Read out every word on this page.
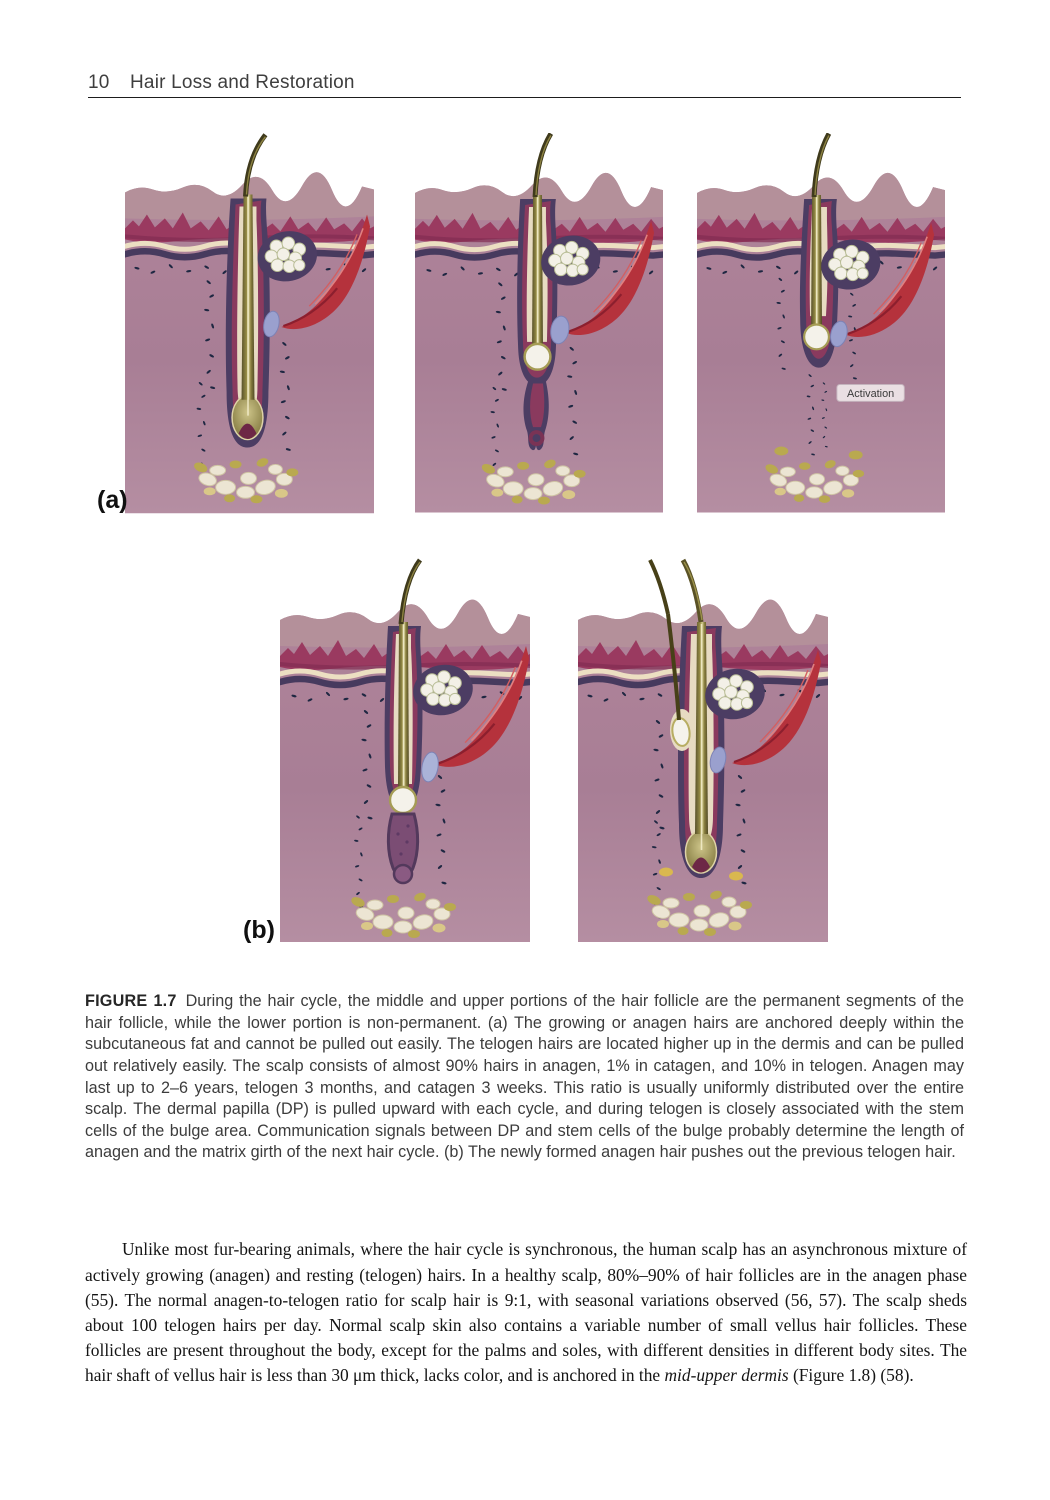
10	Hair Loss and Restoration
Activation
(a)
(b)

FIGURE 1.7 During the hair cycle, the middle and upper portions of the hair follicle are the permanent segments of the hair follicle, while the lower portion is non-permanent. (a) The growing or anagen hairs are anchored deeply within the subcutaneous fat and cannot be pulled out easily. The telogen hairs are located higher up in the dermis and can be pulled out relatively easily. The scalp consists of almost 90% hairs in anagen, 1% in catagen, and 10% in telogen. Anagen may last up to 2–6 years, telogen 3 months, and catagen 3 weeks. This ratio is usually uniformly distributed over the entire scalp. The dermal papilla (DP) is pulled upward with each cycle, and during telogen is closely associated with the stem cells of the bulge area. Communication signals between DP and stem cells of the bulge probably determine the length of anagen and the matrix girth of the next hair cycle. (b) The newly formed anagen hair pushes out the previous telogen hair.

Unlike most fur-bearing animals, where the hair cycle is synchronous, the human scalp has an asynchronous mixture of actively growing (anagen) and resting (telogen) hairs. In a healthy scalp, 80%–90% of hair follicles are in the anagen phase (55). The normal anagen-to-telogen ratio for scalp hair is 9:1, with seasonal variations observed (56, 57). The scalp sheds about 100 telogen hairs per day. Normal scalp skin also contains a variable number of small vellus hair follicles. These follicles are present throughout the body, except for the palms and soles, with different densities in different body sites. The hair shaft of vellus hair is less than 30 μm thick, lacks color, and is anchored in the mid-upper dermis (Figure 1.8) (58).
